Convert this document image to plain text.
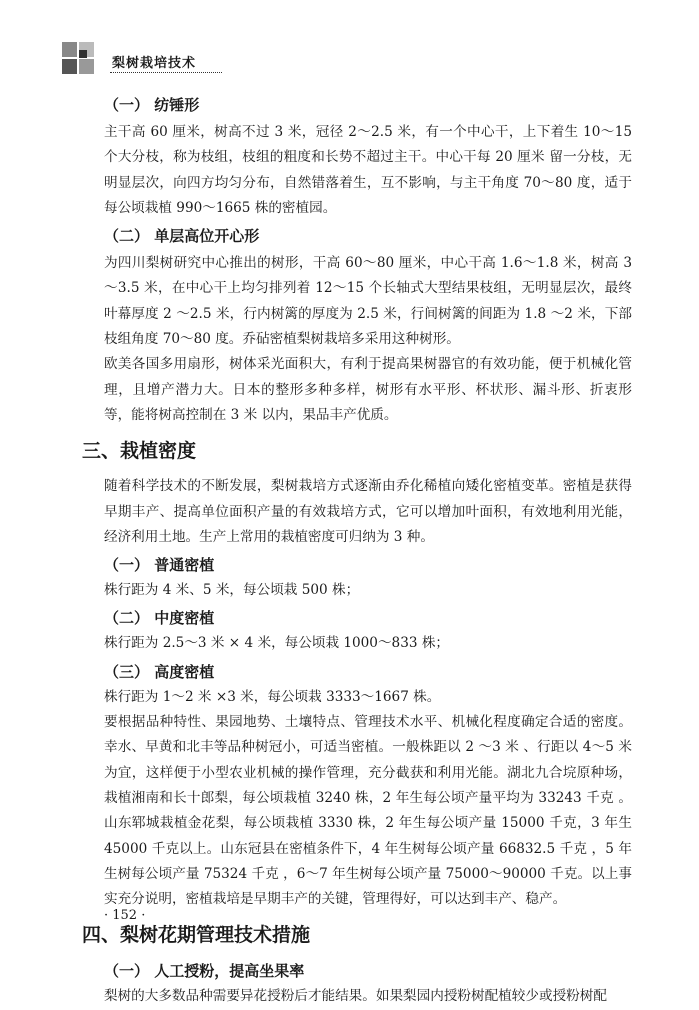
梨树栽培技术
（一） 纺锤形

主干高 60 厘米，树高不过 3 米，冠径 2～2.5 米，有一个中心干，上下着生 10～15 个大分枝，称为枝组，枝组的粗度和长势不超过主干。中心干每 20 厘米 留一分枝，无明显层次，向四方均匀分布，自然错落着生，互不影响，与主干角度 70～80 度，适于每公顷栽植 990～1665 株的密植园。

（二） 单层高位开心形

为四川梨树研究中心推出的树形，干高 60～80 厘米，中心干高 1.6～1.8 米，树高 3～3.5 米，在中心干上均匀排列着 12～15 个长轴式大型结果枝组，无明显层次，最终叶幕厚度 2 ～2.5 米，行内树篱的厚度为 2.5 米，行间树篱的间距为 1.8 ～2 米，下部枝组角度 70～80 度。乔砧密植梨树栽培多采用这种树形。

欧美各国多用扇形，树体采光面积大，有利于提高果树器官的有效功能，便于机械化管理，且增产潜力大。日本的整形多种多样，树形有水平形、杯状形、漏斗形、折衷形等，能将树高控制在 3 米 以内，果品丰产优质。

三、栽植密度

随着科学技术的不断发展，梨树栽培方式逐渐由乔化稀植向矮化密植变革。密植是获得早期丰产、提高单位面积产量的有效栽培方式，它可以增加叶面积，有效地利用光能，经济利用土地。生产上常用的栽植密度可归纳为 3 种。

（一） 普通密植

株行距为 4 米、5 米，每公顷栽 500 株；

（二） 中度密植

株行距为 2.5～3 米 × 4 米，每公顷栽 1000～833 株；

（三） 高度密植

株行距为 1～2 米 ×3 米，每公顷栽 3333～1667 株。

要根据品种特性、果园地势、土壤特点、管理技术水平、机械化程度确定合适的密度。幸水、早黄和北丰等品种树冠小，可适当密植。一般株距以 2 ～3 米 、行距以 4～5 米 为宜，这样便于小型农业机械的操作管理，充分截获和利用光能。湖北九合垸原种场，栽植湘南和长十郎梨，每公顷栽植 3240 株，2 年生每公顷产量平均为 33243 千克 。山东郓城栽植金花梨，每公顷栽植 3330 株，2 年生每公顷产量 15000 千克，3 年生 45000 千克以上。山东冠县在密植条件下，4 年生树每公顷产量 66832.5 千克 ，5 年生树每公顷产量 75324 千克 ，6～7 年生树每公顷产量 75000～90000 千克。以上事实充分说明，密植栽培是早期丰产的关键，管理得好，可以达到丰产、稳产。

四、梨树花期管理技术措施
（一） 人工授粉，提高坐果率

梨树的大多数品种需要异花授粉后才能结果。如果梨园内授粉树配植较少或授粉树配

· 152 ·
